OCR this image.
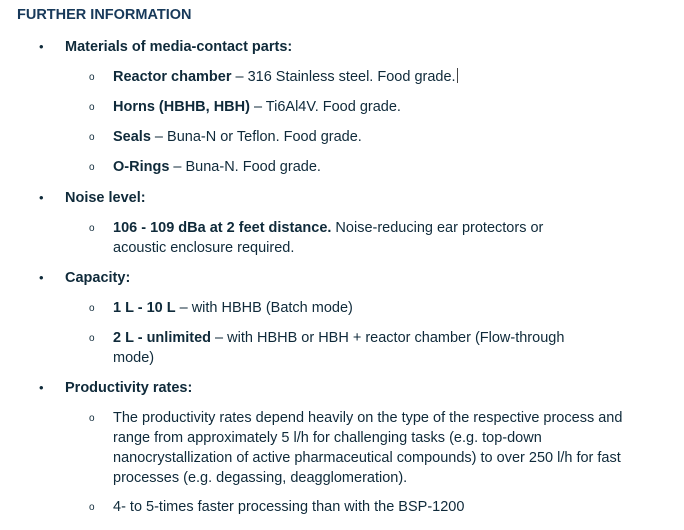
FURTHER INFORMATION
• Materials of media-contact parts:
o Reactor chamber – 316 Stainless steel. Food grade.
o Horns (HBHB, HBH) – Ti6Al4V. Food grade.
o Seals – Buna-N or Teflon. Food grade.
o O-Rings – Buna-N. Food grade.
• Noise level:
o 106 - 109 dBa at 2 feet distance. Noise-reducing ear protectors or acoustic enclosure required.
• Capacity:
o 1 L - 10 L – with HBHB (Batch mode)
o 2 L - unlimited – with HBHB or HBH + reactor chamber (Flow-through mode)
• Productivity rates:
o The productivity rates depend heavily on the type of the respective process and range from approximately 5 l/h for challenging tasks (e.g. top-down nanocrystallization of active pharmaceutical compounds) to over 250 l/h for fast processes (e.g. degassing, deagglomeration).
o 4- to 5-times faster processing than with the BSP-1200
